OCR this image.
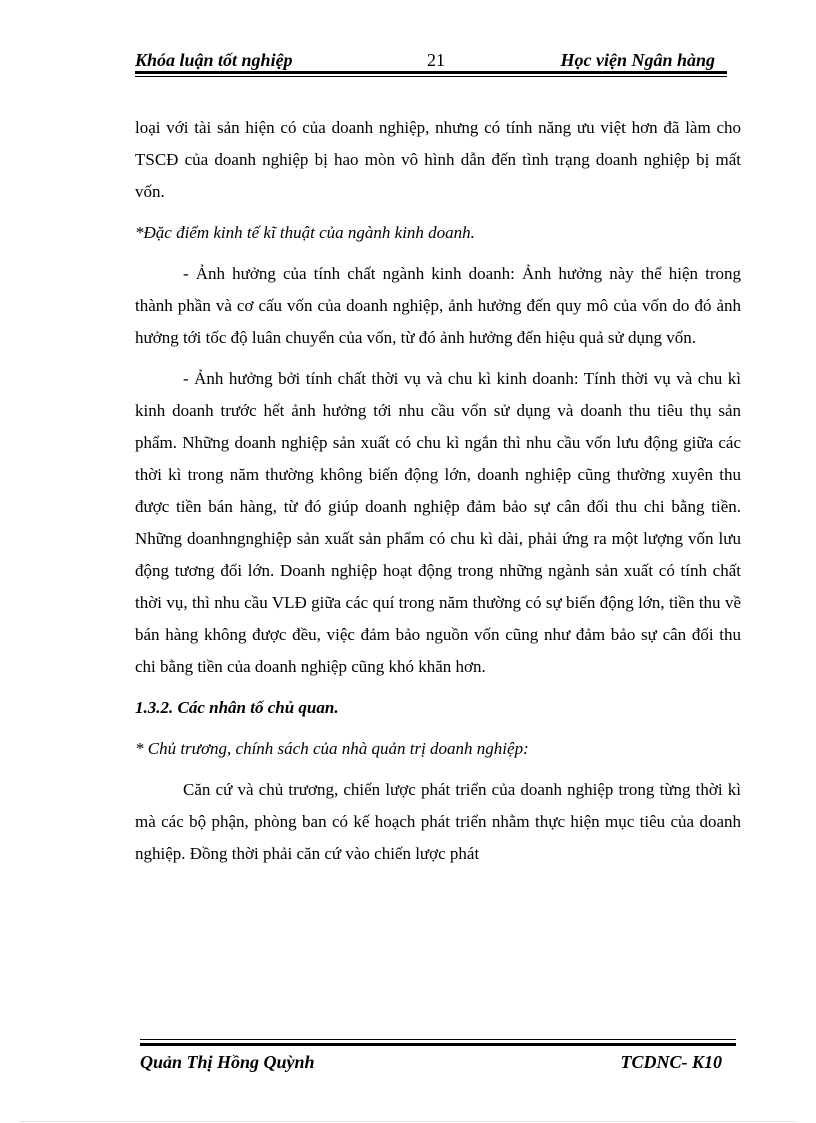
Khóa luận tốt nghiệp	21	Học viện Ngân hàng

loại với tài sản hiện có của doanh nghiệp, nhưng có tính năng ưu việt hơn đã làm cho TSCĐ của doanh nghiệp bị hao mòn vô hình dẫn đến tình trạng doanh nghiệp bị mất vốn.

*Đặc điểm kinh tế kĩ thuật của ngành kinh doanh.

- Ảnh hưởng của tính chất ngành kinh doanh: Ảnh hưởng này thể hiện trong thành phần và cơ cấu vốn của doanh nghiệp, ảnh hưởng đến quy mô của vốn do đó ảnh hưởng tới tốc độ luân chuyển của vốn, từ đó ảnh hưởng đến hiệu quả sử dụng vốn.

- Ảnh hưởng bởi tính chất thời vụ và chu kì kinh doanh: Tính thời vụ và chu kì kinh doanh trước hết ảnh hưởng tới nhu cầu vốn sử dụng và doanh thu tiêu thụ sản phẩm. Những doanh nghiệp sản xuất có chu kì ngắn thì nhu cầu vốn lưu động giữa các thời kì trong năm thường không biến động lớn, doanh nghiệp cũng thường xuyên thu được tiền bán hàng, từ đó giúp doanh nghiệp đảm bảo sự cân đối thu chi bằng tiền. Những doanhngnghiệp sản xuất sản phẩm có chu kì dài, phải ứng ra một lượng vốn lưu động tương đối lớn. Doanh nghiệp hoạt động trong những ngành sản xuất có tính chất thời vụ, thì nhu cầu VLĐ giữa các quí trong năm thường có sự biến động lớn, tiền thu về bán hàng không được đều, việc đảm bảo nguồn vốn cũng như đảm bảo sự cân đối thu chi bằng tiền của doanh nghiệp cũng khó khăn hơn.

1.3.2. Các nhân tố chủ quan.

* Chủ trương, chính sách của nhà quản trị doanh nghiệp:

Căn cứ và chủ trương, chiến lược phát triển của doanh nghiệp trong từng thời kì mà các bộ phận, phòng ban có kế hoạch phát triển nhằm thực hiện mục tiêu của doanh nghiệp. Đồng thời phải căn cứ vào chiến lược phát

Quản Thị Hồng Quỳnh	TCDNC- K10
